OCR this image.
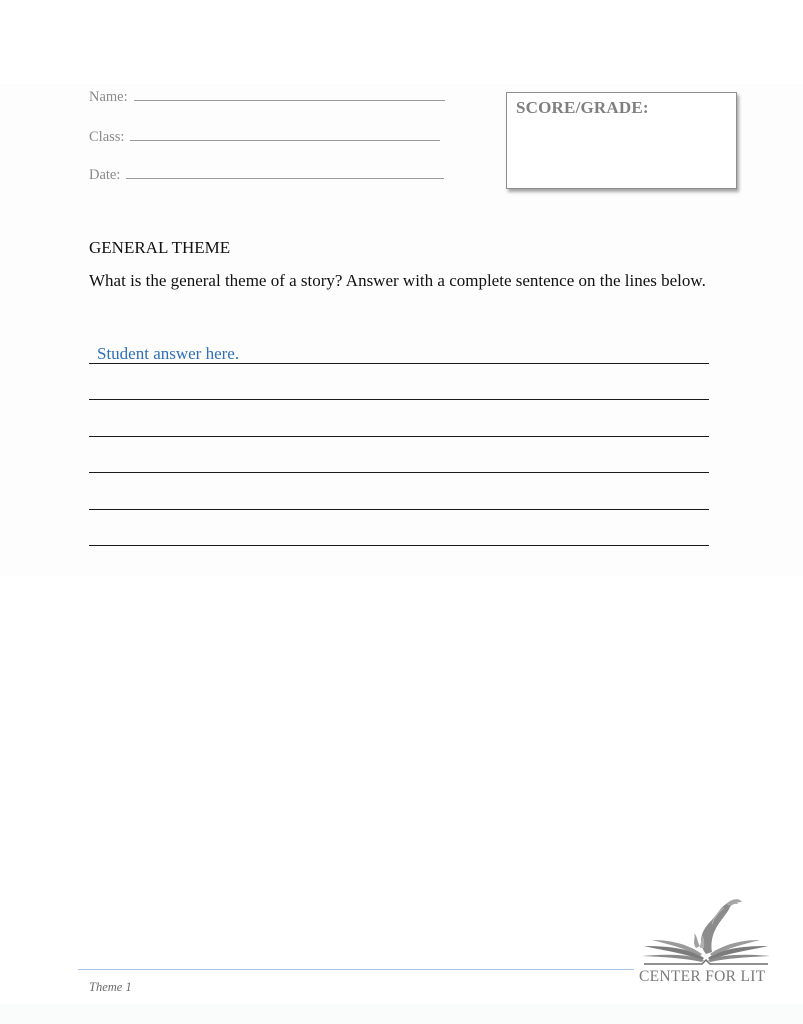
Name:
Class:
Date:
SCORE/GRADE:
GENERAL THEME
What is the general theme of a story? Answer with a complete sentence on the lines below.
Student answer here.
Theme 1
CENTER FOR LIT
